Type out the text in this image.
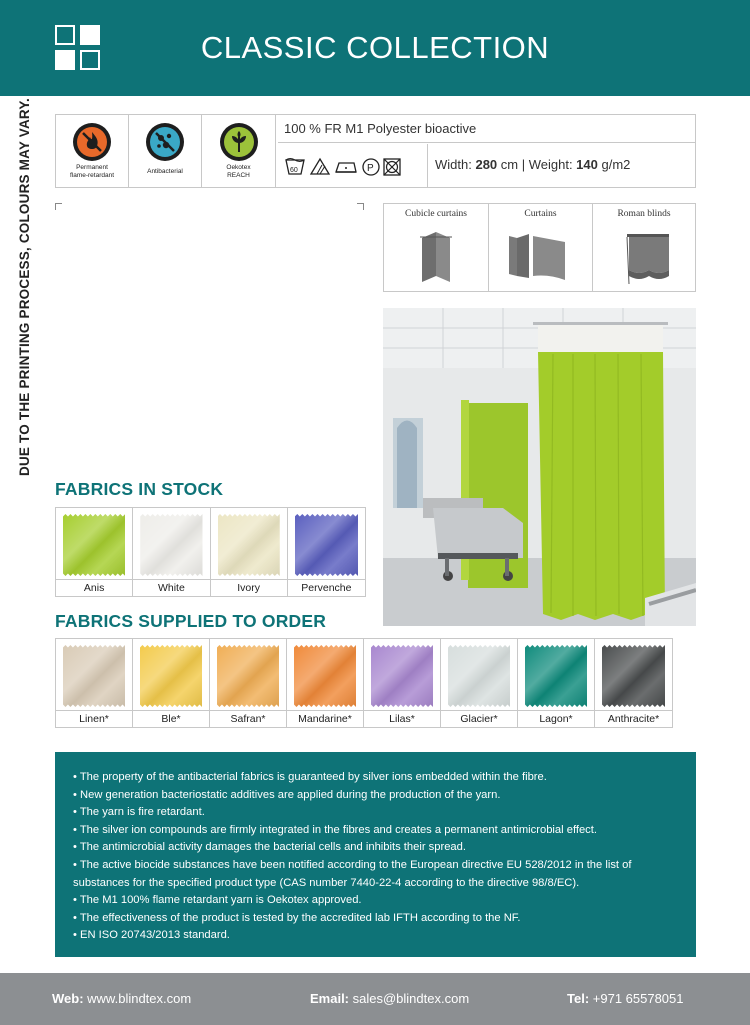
CLASSIC COLLECTION
DUE TO THE PRINTING PROCESS, COLOURS MAY VARY.	Permanent
flame-retardant
Antibacterial
Oekotex
REACH
100 % FR M1 Polyester bioactive
60	P	Width: 280 cm | Weight: 140 g/m2
Cubicle curtains	Curtains	Roman blinds
FABRICS IN STOCK
Anis	White	Ivory	Pervenche
FABRICS SUPPLIED TO ORDER
Linen*	Ble*	Safran*	Mandarine*	Lilas*	Glacier*	Lagon*	Anthracite*
• The property of the antibacterial fabrics is guaranteed by silver ions embedded within the fibre.
• New generation bacteriostatic additives are applied during the production of the yarn.
• The yarn is fire retardant.
• The silver ion compounds are firmly integrated in the fibres and creates a permanent antimicrobial effect.
• The antimicrobial activity damages the bacterial cells and inhibits their spread.
• The active biocide substances have been notified according to the European directive EU 528/2012 in the list of substances for the specified product type (CAS number 7440-22-4 according to the directive 98/8/EC).
• The M1 100% flame retardant yarn is Oekotex approved.
• The effectiveness of the product is tested by the accredited lab IFTH according to the NF.
• EN ISO 20743/2013 standard.
Web: www.blindtex.com	Email: sales@blindtex.com	Tel: +971 65578051
